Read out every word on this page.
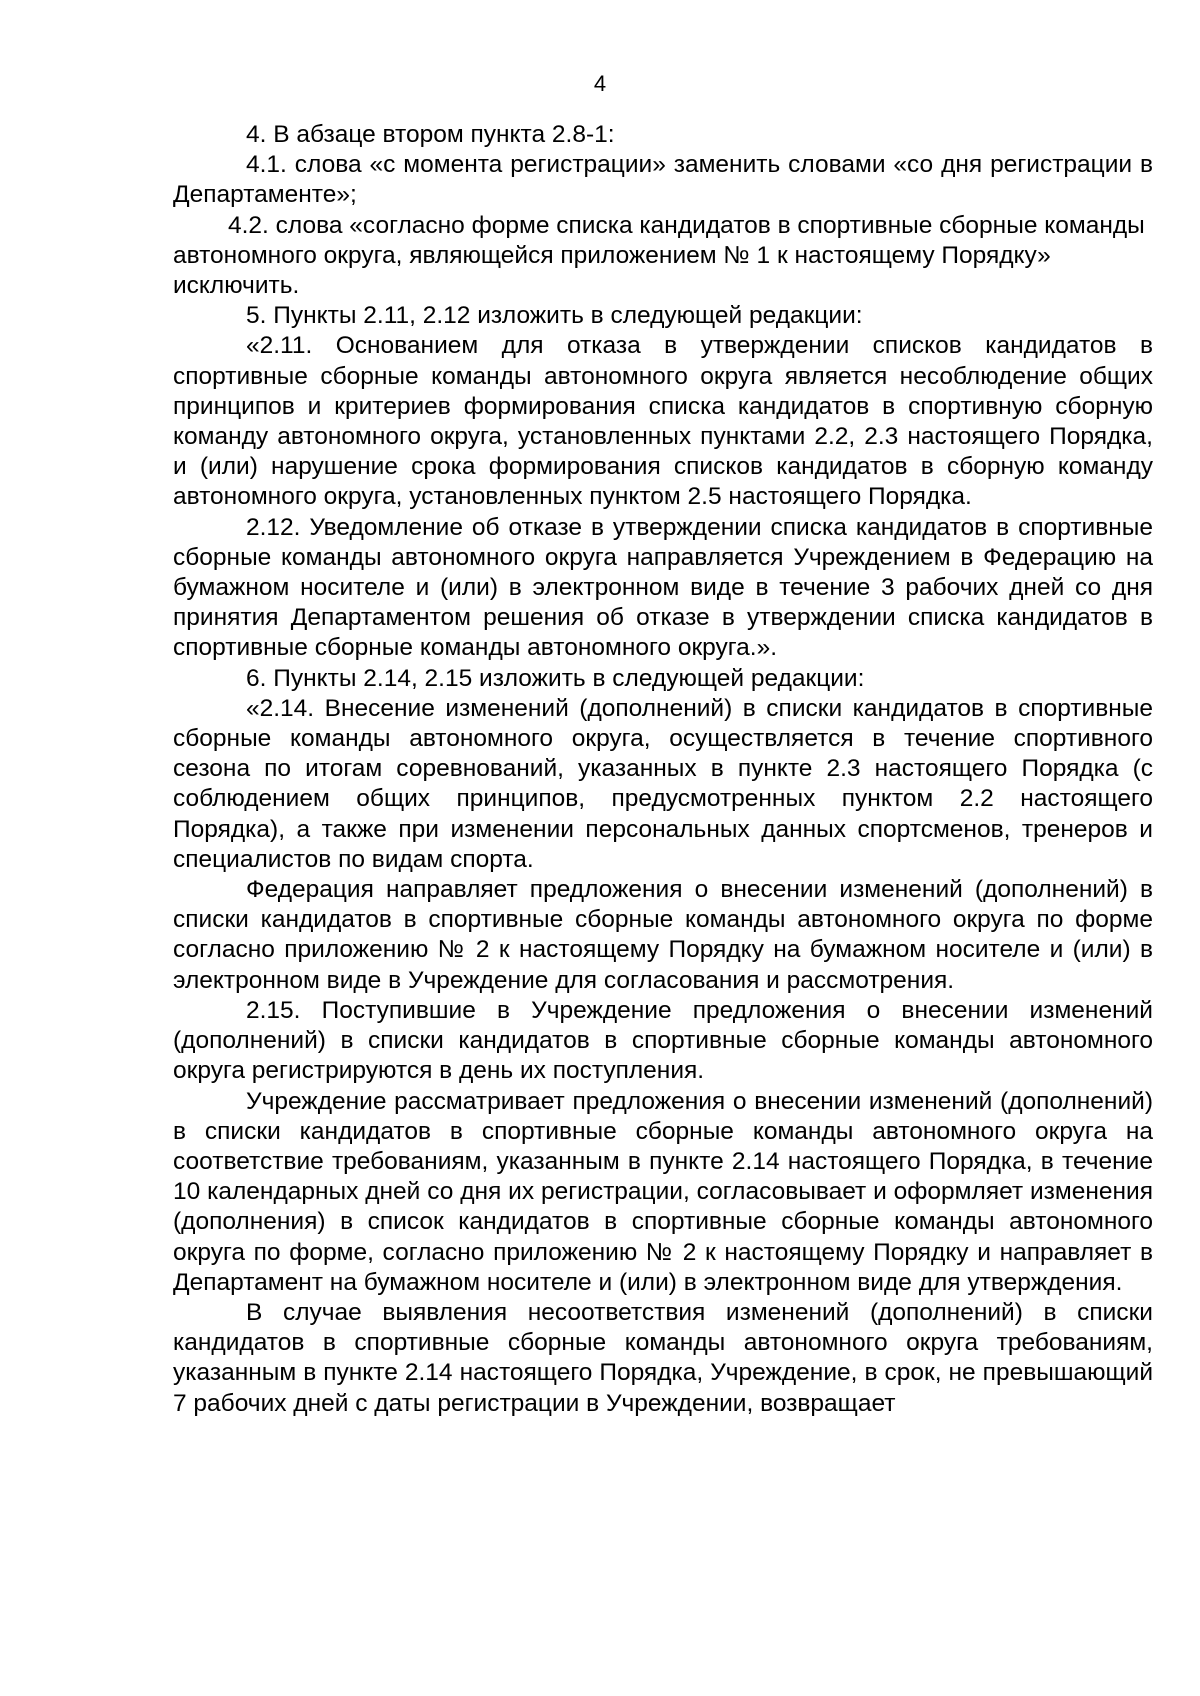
4

4. В абзаце втором пункта 2.8-1:

4.1. слова «с момента регистрации» заменить словами «со дня регистрации в Департаменте»;

4.2. слова «согласно форме списка кандидатов в спортивные сборные команды автономного округа, являющейся приложением № 1 к настоящему Порядку» исключить.

5. Пункты 2.11, 2.12 изложить в следующей редакции:

«2.11. Основанием для отказа в утверждении списков кандидатов в спортивные сборные команды автономного округа является несоблюдение общих принципов и критериев формирования списка кандидатов в спортивную сборную команду автономного округа, установленных пунктами 2.2, 2.3 настоящего Порядка, и (или) нарушение срока формирования списков кандидатов в сборную команду автономного округа, установленных пунктом 2.5 настоящего Порядка.

2.12. Уведомление об отказе в утверждении списка кандидатов в спортивные сборные команды автономного округа направляется Учреждением в Федерацию на бумажном носителе и (или) в электронном виде в течение 3 рабочих дней со дня принятия Департаментом решения об отказе в утверждении списка кандидатов в спортивные сборные команды автономного округа.».

6. Пункты 2.14, 2.15 изложить в следующей редакции:

«2.14. Внесение изменений (дополнений) в списки кандидатов в спортивные сборные команды автономного округа, осуществляется в течение спортивного сезона по итогам соревнований, указанных в пункте 2.3 настоящего Порядка (с соблюдением общих принципов, предусмотренных пунктом 2.2 настоящего Порядка), а также при изменении персональных данных спортсменов, тренеров и специалистов по видам спорта.

Федерация направляет предложения о внесении изменений (дополнений) в списки кандидатов в спортивные сборные команды автономного округа по форме согласно приложению № 2 к настоящему Порядку на бумажном носителе и (или) в электронном виде в Учреждение для согласования и рассмотрения.

2.15. Поступившие в Учреждение предложения о внесении изменений (дополнений) в списки кандидатов в спортивные сборные команды автономного округа регистрируются в день их поступления.

Учреждение рассматривает предложения о внесении изменений (дополнений) в списки кандидатов в спортивные сборные команды автономного округа на соответствие требованиям, указанным в пункте 2.14 настоящего Порядка, в течение 10 календарных дней со дня их регистрации, согласовывает и оформляет изменения (дополнения) в список кандидатов в спортивные сборные команды автономного округа по форме, согласно приложению № 2 к настоящему Порядку и направляет в Департамент на бумажном носителе и (или) в электронном виде для утверждения.

В случае выявления несоответствия изменений (дополнений) в списки кандидатов в спортивные сборные команды автономного округа требованиям, указанным в пункте 2.14 настоящего Порядка, Учреждение, в срок, не превышающий 7 рабочих дней с даты регистрации в Учреждении, возвращает
